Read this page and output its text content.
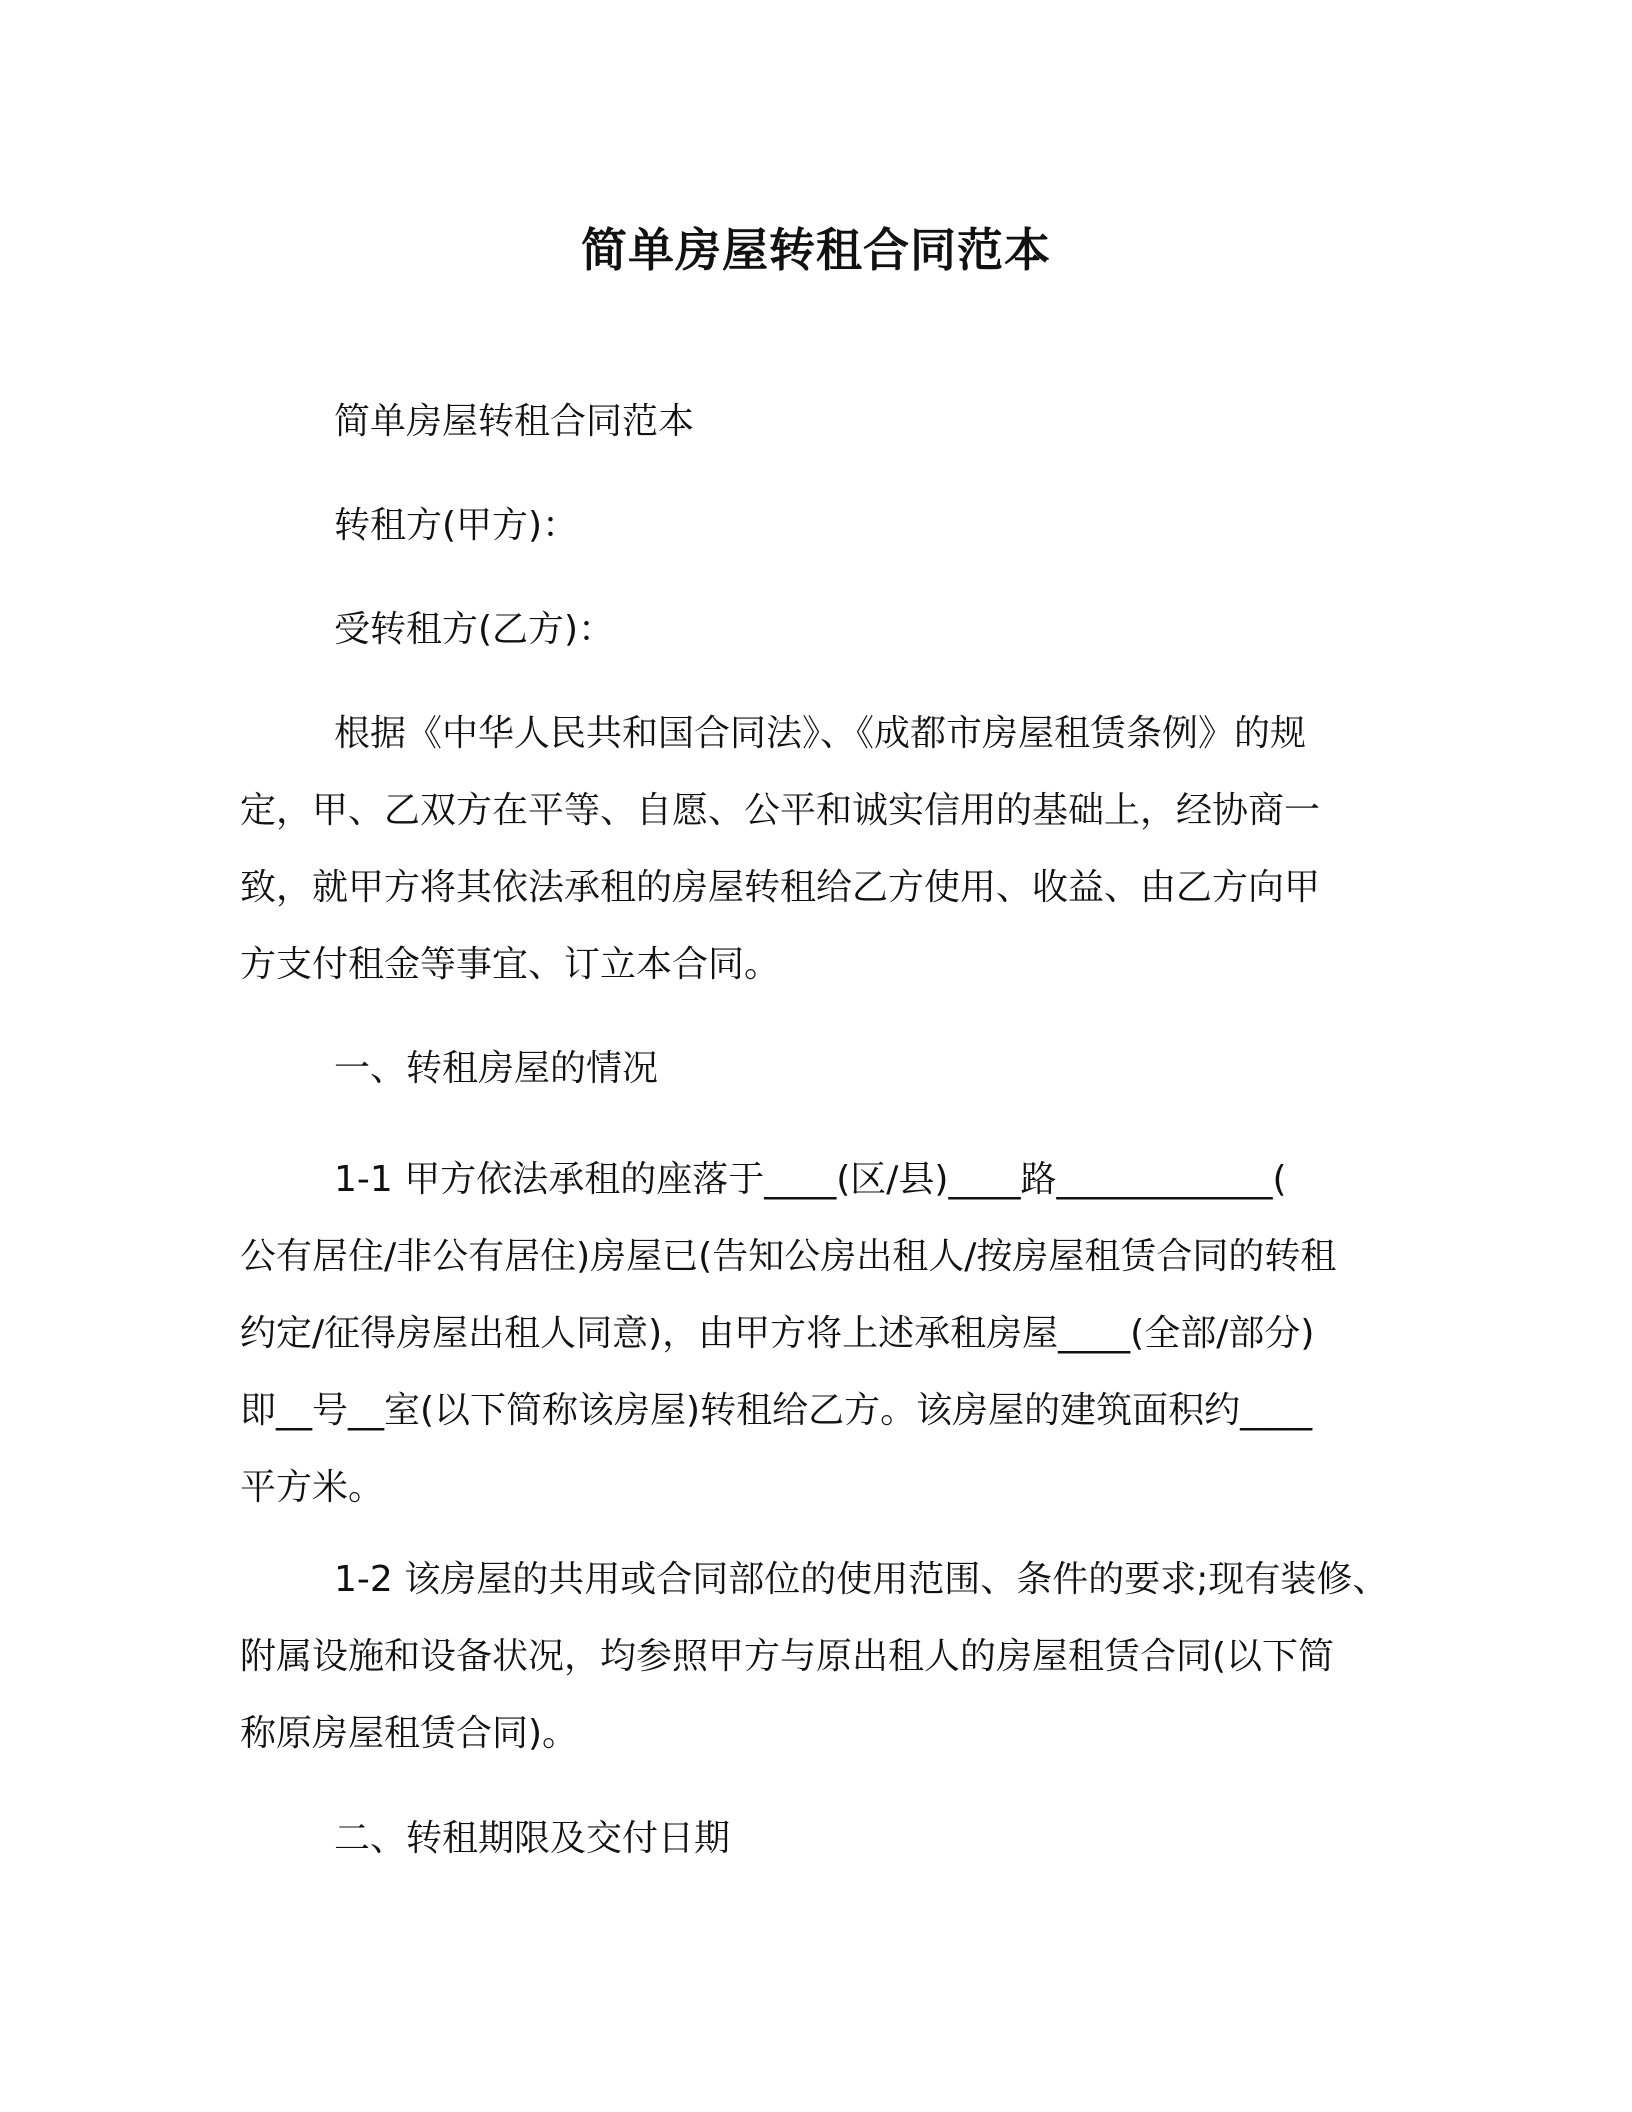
简单房屋转租合同范本

简单房屋转租合同范本

转租方(甲方)：

受转租方(乙方)：

根据《中华人民共和国合同法》、《成都市房屋租赁条例》的规
定，甲、乙双方在平等、自愿、公平和诚实信用的基础上，经协商一
致，就甲方将其依法承租的房屋转租给乙方使用、收益、由乙方向甲
方支付租金等事宜、订立本合同。

一、转租房屋的情况

1-1 甲方依法承租的座落于____(区/县)____路____________(
公有居住/非公有居住)房屋已(告知公房出租人/按房屋租赁合同的转租
约定/征得房屋出租人同意)，由甲方将上述承租房屋____(全部/部分)
即__号__室(以下简称该房屋)转租给乙方。该房屋的建筑面积约____
平方米。
1-2 该房屋的共用或合同部位的使用范围、条件的要求;现有装修、
附属设施和设备状况，均参照甲方与原出租人的房屋租赁合同(以下简
称原房屋租赁合同)。

二、转租期限及交付日期
